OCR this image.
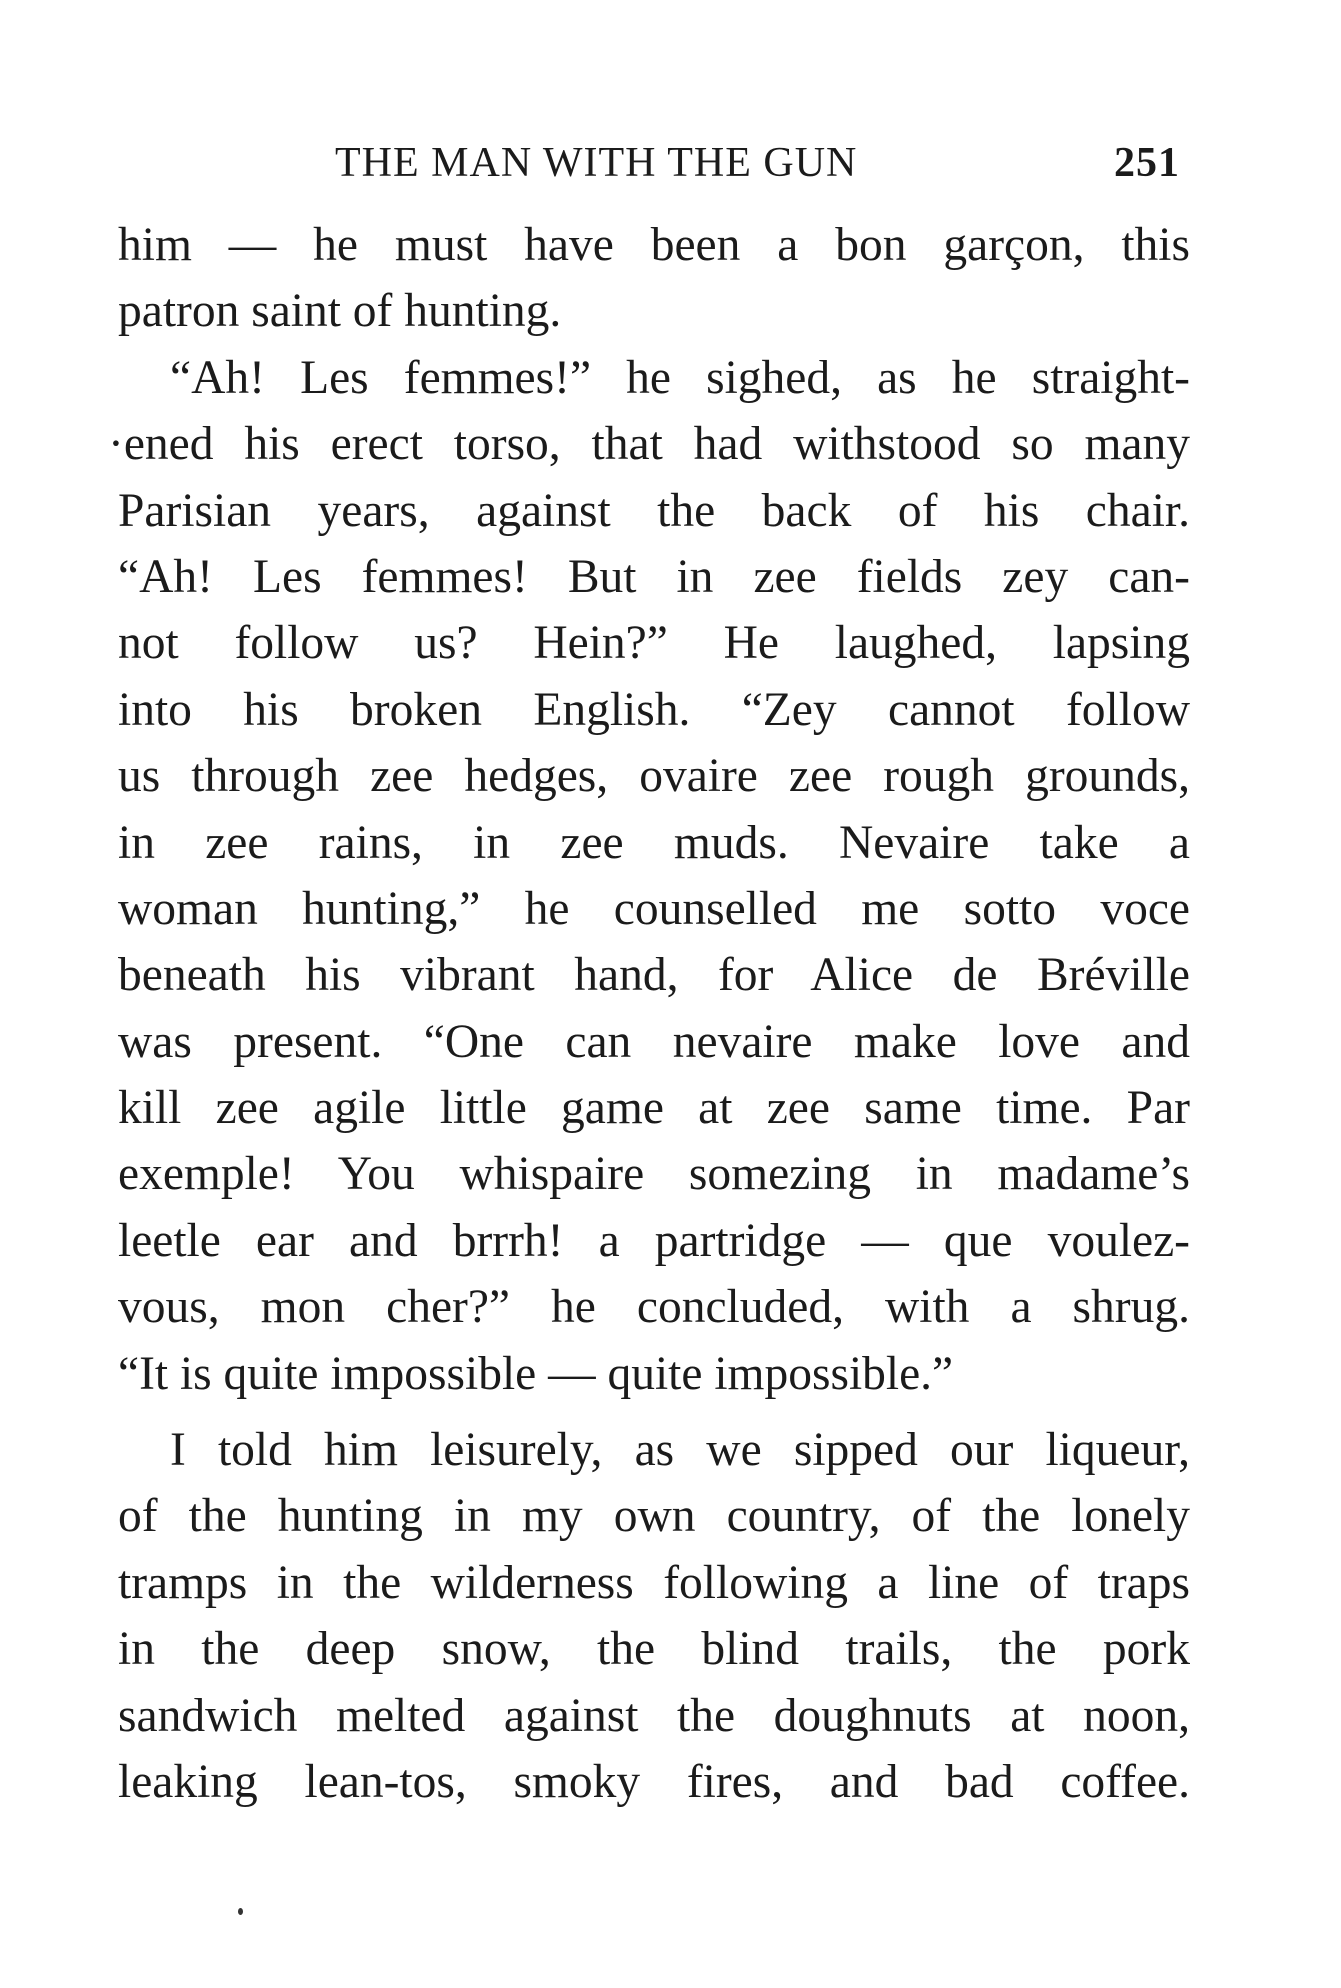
THE MAN WITH THE GUN	251
him — he must have been a bon garçon, this
patron saint of hunting.
“Ah! Les femmes!” he sighed, as he straight-
·ened his erect torso, that had withstood so many
Parisian years, against the back of his chair.
“Ah! Les femmes! But in zee fields zey can-
not follow us? Hein?” He laughed, lapsing
into his broken English. “Zey cannot follow
us through zee hedges, ovaire zee rough grounds,
in zee rains, in zee muds. Nevaire take a
woman hunting,” he counselled me sotto voce
beneath his vibrant hand, for Alice de Bréville
was present. “One can nevaire make love and
kill zee agile little game at zee same time. Par
exemple! You whispaire somezing in madame’s
leetle ear and brrrh! a partridge — que voulez-
vous, mon cher?” he concluded, with a shrug.
“It is quite impossible — quite impossible.”
I told him leisurely, as we sipped our liqueur,
of the hunting in my own country, of the lonely
tramps in the wilderness following a line of traps
in the deep snow, the blind trails, the pork
sandwich melted against the doughnuts at noon,
leaking lean-tos, smoky fires, and bad coffee.
